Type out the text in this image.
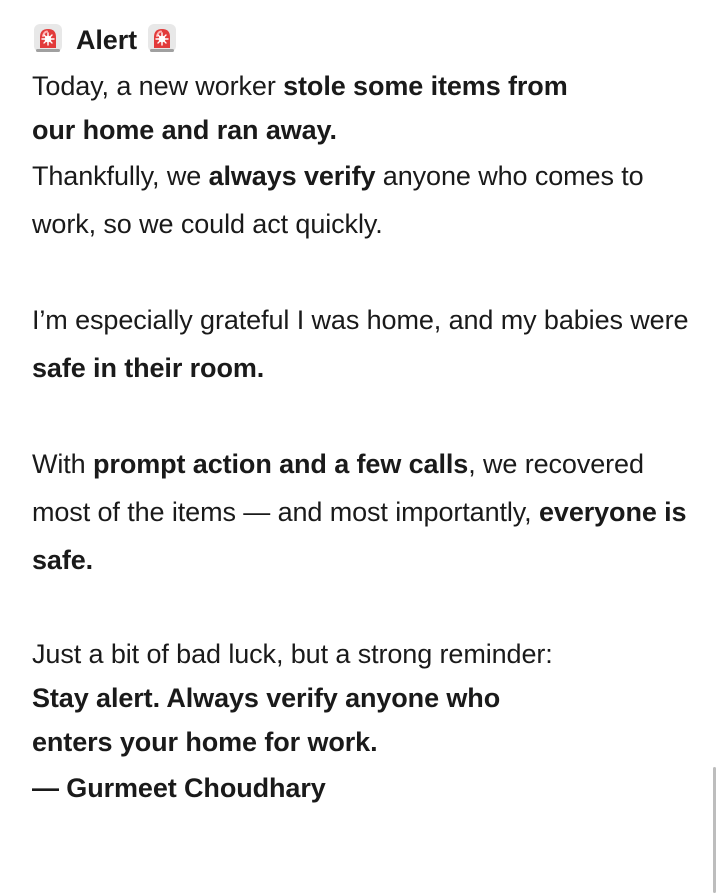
Alert

Today, a new worker stole some items from
our home and ran away.

Thankfully, we always verify anyone who comes to work, so we could act quickly.

I’m especially grateful I was home, and my babies were safe in their room.

With prompt action and a few calls, we recovered most of the items — and most importantly, everyone is safe.

Just a bit of bad luck, but a strong reminder:
Stay alert. Always verify anyone who
enters your home for work.

— Gurmeet Choudhary
